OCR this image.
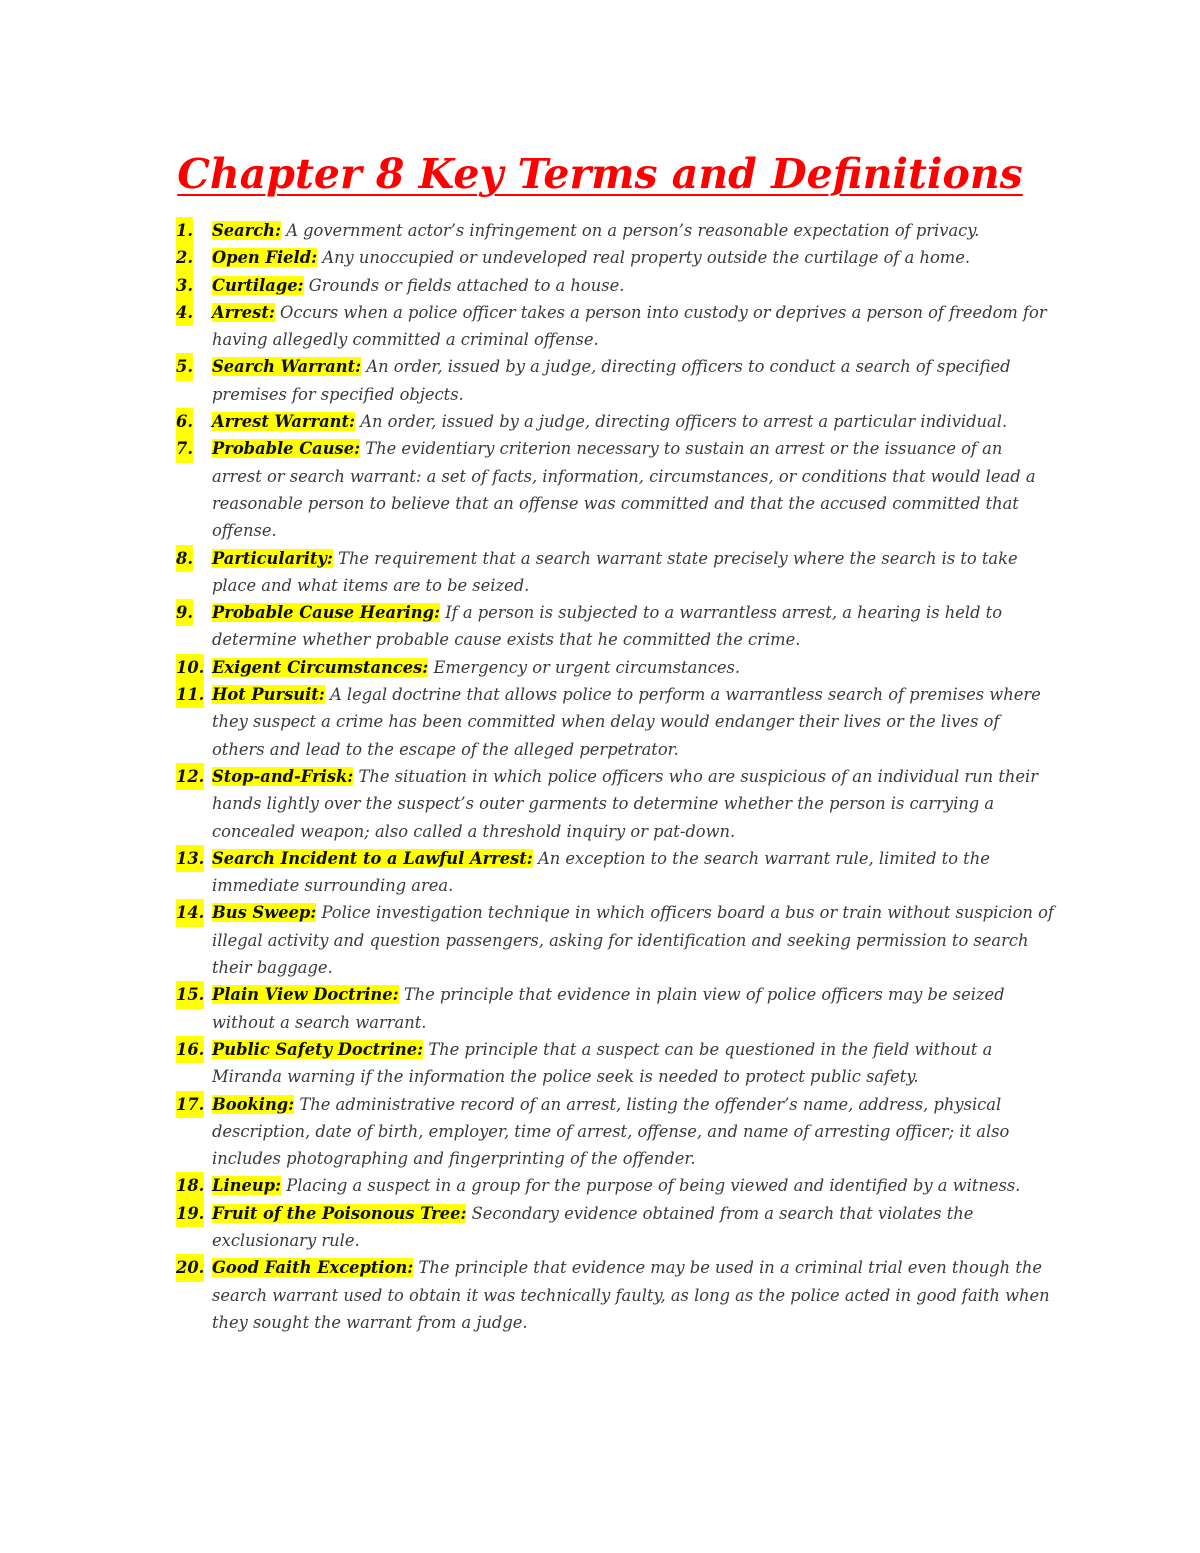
Chapter 8 Key Terms and Definitions
1. Search: A government actor’s infringement on a person’s reasonable expectation of privacy.
2. Open Field: Any unoccupied or undeveloped real property outside the curtilage of a home.
3. Curtilage: Grounds or fields attached to a house.
4. Arrest: Occurs when a police officer takes a person into custody or deprives a person of freedom for having allegedly committed a criminal offense.
5. Search Warrant: An order, issued by a judge, directing officers to conduct a search of specified premises for specified objects.
6. Arrest Warrant: An order, issued by a judge, directing officers to arrest a particular individual.
7. Probable Cause: The evidentiary criterion necessary to sustain an arrest or the issuance of an arrest or search warrant: a set of facts, information, circumstances, or conditions that would lead a reasonable person to believe that an offense was committed and that the accused committed that offense.
8. Particularity: The requirement that a search warrant state precisely where the search is to take place and what items are to be seized.
9. Probable Cause Hearing: If a person is subjected to a warrantless arrest, a hearing is held to determine whether probable cause exists that he committed the crime.
10. Exigent Circumstances: Emergency or urgent circumstances.
11. Hot Pursuit: A legal doctrine that allows police to perform a warrantless search of premises where they suspect a crime has been committed when delay would endanger their lives or the lives of others and lead to the escape of the alleged perpetrator.
12. Stop-and-Frisk: The situation in which police officers who are suspicious of an individual run their hands lightly over the suspect’s outer garments to determine whether the person is carrying a concealed weapon; also called a threshold inquiry or pat-down.
13. Search Incident to a Lawful Arrest: An exception to the search warrant rule, limited to the immediate surrounding area.
14. Bus Sweep: Police investigation technique in which officers board a bus or train without suspicion of illegal activity and question passengers, asking for identification and seeking permission to search their baggage.
15. Plain View Doctrine: The principle that evidence in plain view of police officers may be seized without a search warrant.
16. Public Safety Doctrine: The principle that a suspect can be questioned in the field without a Miranda warning if the information the police seek is needed to protect public safety.
17. Booking: The administrative record of an arrest, listing the offender’s name, address, physical description, date of birth, employer, time of arrest, offense, and name of arresting officer; it also includes photographing and fingerprinting of the offender.
18. Lineup: Placing a suspect in a group for the purpose of being viewed and identified by a witness.
19. Fruit of the Poisonous Tree: Secondary evidence obtained from a search that violates the exclusionary rule.
20. Good Faith Exception: The principle that evidence may be used in a criminal trial even though the search warrant used to obtain it was technically faulty, as long as the police acted in good faith when they sought the warrant from a judge.
